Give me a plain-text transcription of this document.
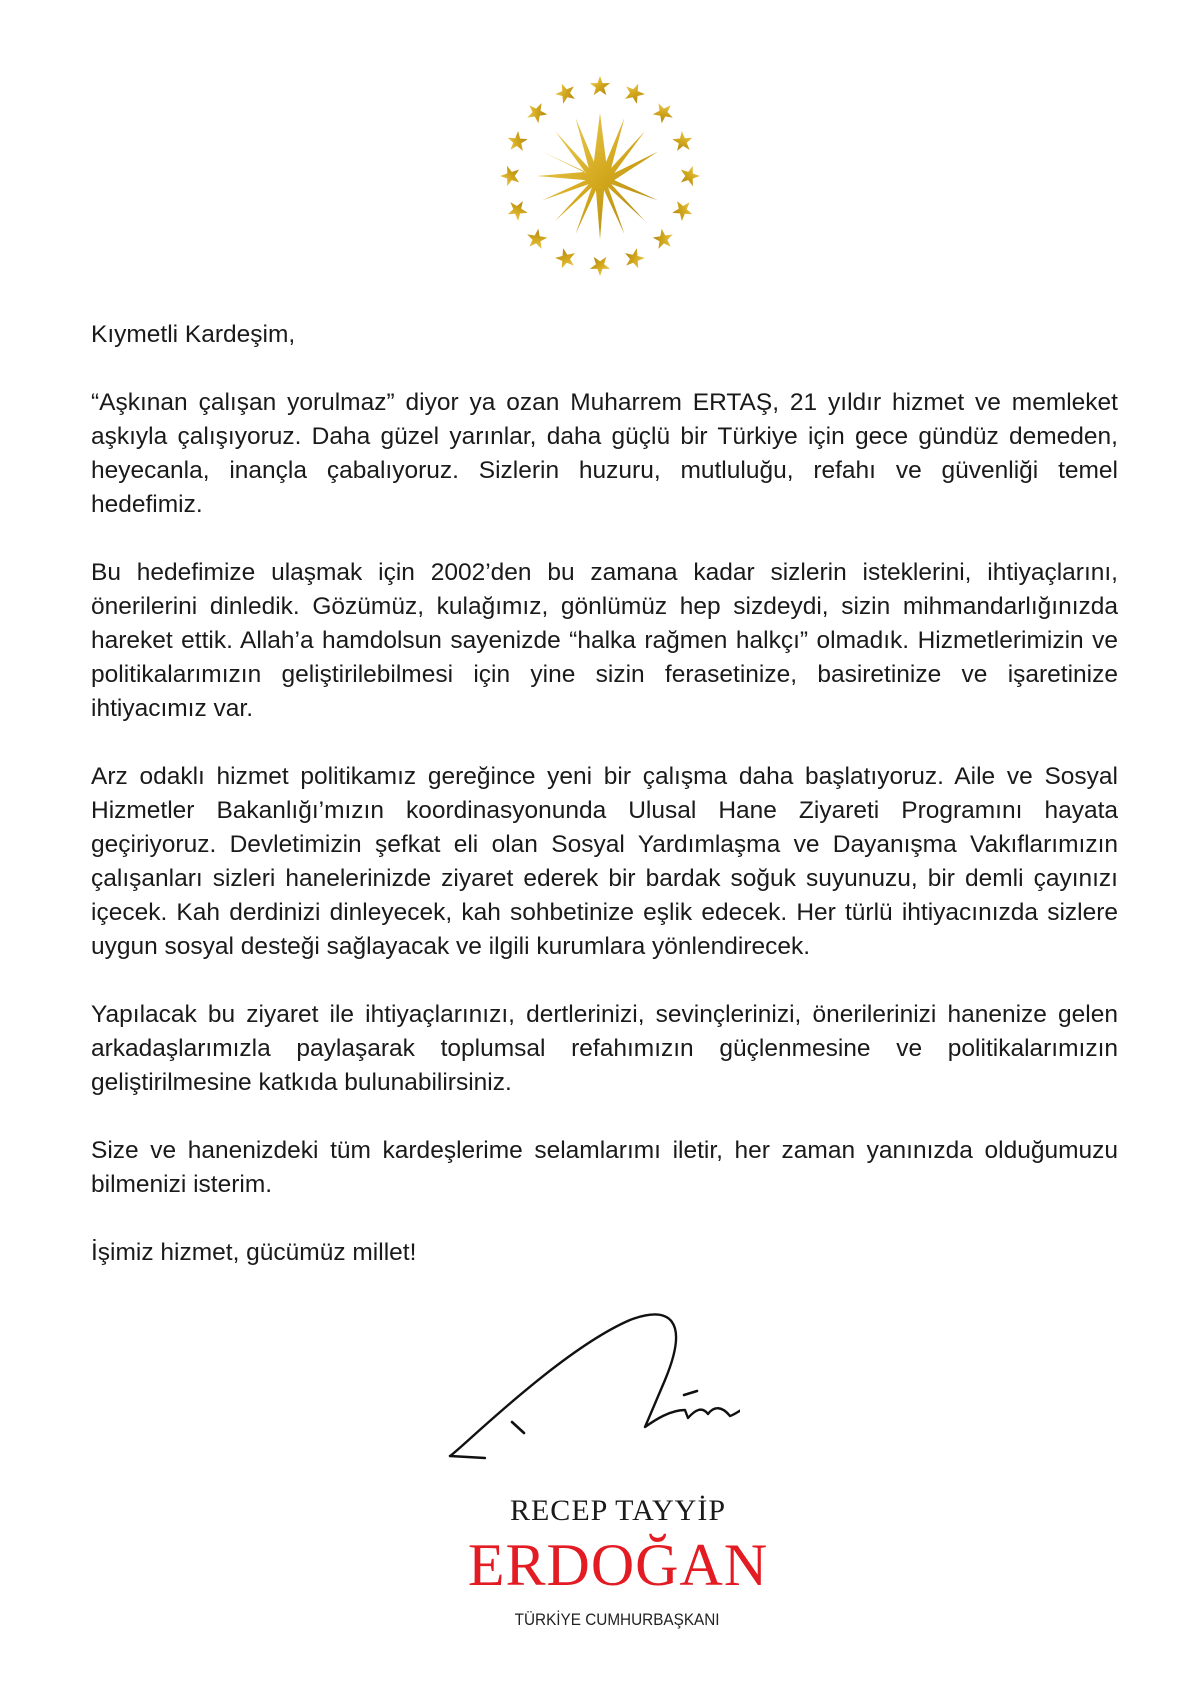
Kıymetli Kardeşim,

“Aşkınan çalışan yorulmaz” diyor ya ozan Muharrem ERTAŞ, 21 yıldır hizmet ve memleket aşkıyla çalışıyoruz. Daha güzel yarınlar, daha güçlü bir Türkiye için gece gündüz demeden, heyecanla, inançla çabalıyoruz. Sizlerin huzuru, mutluluğu, refahı ve güvenliği temel hedefimiz.

Bu hedefimize ulaşmak için 2002’den bu zamana kadar sizlerin isteklerini, ihtiyaçlarını, önerilerini dinledik. Gözümüz, kulağımız, gönlümüz hep sizdeydi, sizin mihmandarlığınızda hareket ettik. Allah’a hamdolsun sayenizde “halka rağmen halkçı” olmadık. Hizmetlerimizin ve politikalarımızın geliştirilebilmesi için yine sizin ferasetinize, basiretinize ve işaretinize ihtiyacımız var.

Arz odaklı hizmet politikamız gereğince yeni bir çalışma daha başlatıyoruz. Aile ve Sosyal Hizmetler Bakanlığı’mızın koordinasyonunda Ulusal Hane Ziyareti Programını hayata geçiriyoruz. Devletimizin şefkat eli olan Sosyal Yardımlaşma ve Dayanışma Vakıflarımızın çalışanları sizleri hanelerinizde ziyaret ederek bir bardak soğuk suyunuzu, bir demli çayınızı içecek. Kah derdinizi dinleyecek, kah sohbetinize eşlik edecek. Her türlü ihtiyacınızda sizlere uygun sosyal desteği sağlayacak ve ilgili kurumlara yönlendirecek.

Yapılacak bu ziyaret ile ihtiyaçlarınızı, dertlerinizi, sevinçlerinizi, önerilerinizi hanenize gelen arkadaşlarımızla paylaşarak toplumsal refahımızın güçlenmesine ve politikalarımızın geliştirilmesine katkıda bulunabilirsiniz.

Size ve hanenizdeki tüm kardeşlerime selamlarımı iletir, her zaman yanınızda olduğumuzu bilmenizi isterim.

İşimiz hizmet, gücümüz millet!

RECEP TAYYİP
ERDOĞAN
TÜRKİYE CUMHURBAŞKANI
